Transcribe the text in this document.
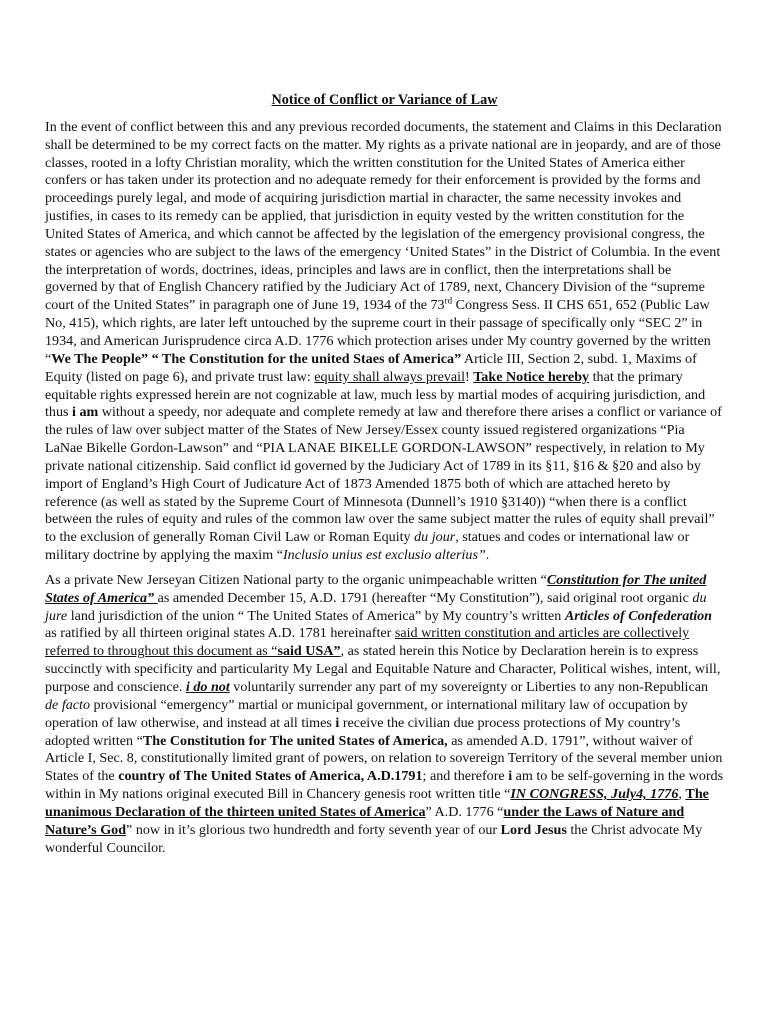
Notice of Conflict or Variance of Law

In the event of conflict between this and any previous recorded documents, the statement and Claims in this Declaration shall be determined to be my correct facts on the matter. My rights as a private national are in jeopardy, and are of those classes, rooted in a lofty Christian morality, which the written constitution for the United States of America either confers or has taken under its protection and no adequate remedy for their enforcement is provided by the forms and proceedings purely legal, and mode of acquiring jurisdiction martial in character, the same necessity invokes and justifies, in cases to its remedy can be applied, that jurisdiction in equity vested by the written constitution for the United States of America, and which cannot be affected by the legislation of the emergency provisional congress, the states or agencies who are subject to the laws of the emergency ‘United States” in the District of Columbia. In the event the interpretation of words, doctrines, ideas, principles and laws are in conflict, then the interpretations shall be governed by that of English Chancery ratified by the Judiciary Act of 1789, next, Chancery Division of the “supreme court of the United States” in paragraph one of June 19, 1934 of the 73rd Congress Sess. II CHS 651, 652 (Public Law No, 415), which rights, are later left untouched by the supreme court in their passage of specifically only “SEC 2” in 1934, and American Jurisprudence circa A.D. 1776 which protection arises under My country governed by the written “We The People” “ The Constitution for the united Staes of America” Article III, Section 2, subd. 1, Maxims of Equity (listed on page 6), and private trust law: equity shall always prevail! Take Notice hereby that the primary equitable rights expressed herein are not cognizable at law, much less by martial modes of acquiring jurisdiction, and thus i am without a speedy, nor adequate and complete remedy at law and therefore there arises a conflict or variance of the rules of law over subject matter of the States of New Jersey/Essex county issued registered organizations “Pia LaNae Bikelle Gordon-Lawson” and “PIA LANAE BIKELLE GORDON-LAWSON” respectively, in relation to My private national citizenship. Said conflict id governed by the Judiciary Act of 1789 in its §11, §16 & §20 and also by import of England’s High Court of Judicature Act of 1873 Amended 1875 both of which are attached hereto by reference (as well as stated by the Supreme Court of Minnesota (Dunnell’s 1910 §3140)) “when there is a conflict between the rules of equity and rules of the common law over the same subject matter the rules of equity shall prevail” to the exclusion of generally Roman Civil Law or Roman Equity du jour, statues and codes or international law or military doctrine by applying the maxim “Inclusio unius est exclusio alterius”.

As a private New Jerseyan Citizen National party to the organic unimpeachable written “Constitution for The united States of America” as amended December 15, A.D. 1791 (hereafter “My Constitution”), said original root organic du jure land jurisdiction of the union “ The United States of America” by My country’s written Articles of Confederation as ratified by all thirteen original states A.D. 1781 hereinafter said written constitution and articles are collectively referred to throughout this document as “said USA”, as stated herein this Notice by Declaration herein is to express succinctly with specificity and particularity My Legal and Equitable Nature and Character, Political wishes, intent, will, purpose and conscience. i do not voluntarily surrender any part of my sovereignty or Liberties to any non-Republican de facto provisional “emergency” martial or municipal government, or international military law of occupation by operation of law otherwise, and instead at all times i receive the civilian due process protections of My country’s adopted written “The Constitution for The united States of America, as amended A.D. 1791”, without waiver of Article I, Sec. 8, constitutionally limited grant of powers, on relation to sovereign Territory of the several member union States of the country of The United States of America, A.D.1791; and therefore i am to be self-governing in the words within in My nations original executed Bill in Chancery genesis root written title “IN CONGRESS, July4, 1776, The unanimous Declaration of the thirteen united States of America” A.D. 1776 “under the Laws of Nature and Nature’s God” now in it’s glorious two hundredth and forty seventh year of our Lord Jesus the Christ advocate My wonderful Councilor.
